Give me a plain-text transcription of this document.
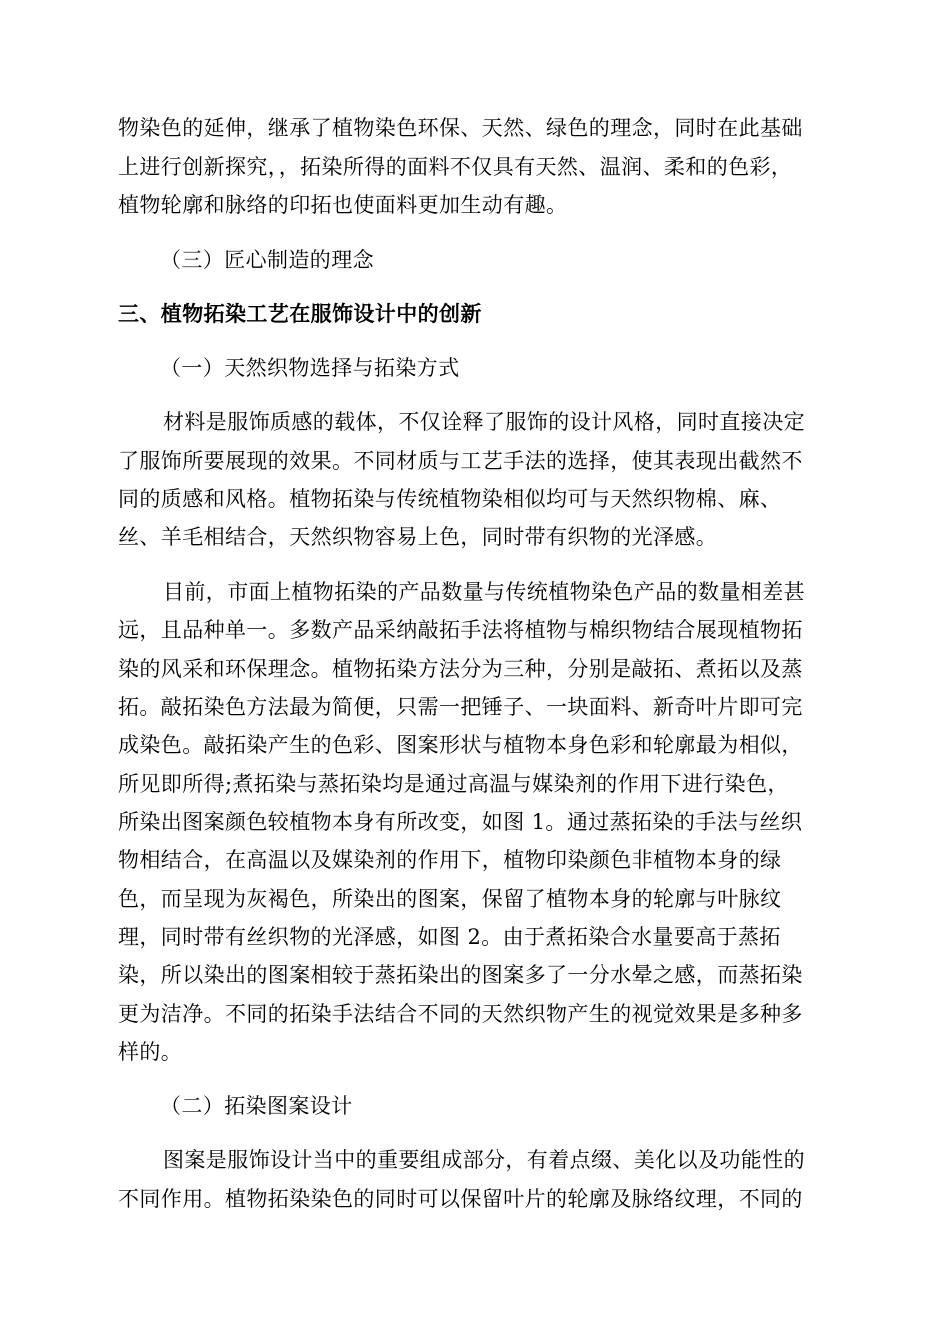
物染色的延伸，继承了植物染色环保、天然、绿色的理念，同时在此基础
上进行创新探究，，拓染所得的面料不仅具有天然、温润、柔和的色彩，
植物轮廓和脉络的印拓也使面料更加生动有趣。
（三）匠心制造的理念
三、植物拓染工艺在服饰设计中的创新
（一）天然织物选择与拓染方式
材料是服饰质感的载体，不仅诠释了服饰的设计风格，同时直接决定
了服饰所要展现的效果。不同材质与工艺手法的选择，使其表现出截然不
同的质感和风格。植物拓染与传统植物染相似均可与天然织物棉、麻、
丝、羊毛相结合，天然织物容易上色，同时带有织物的光泽感。
目前，市面上植物拓染的产品数量与传统植物染色产品的数量相差甚
远，且品种单一。多数产品采纳敲拓手法将植物与棉织物结合展现植物拓
染的风采和环保理念。植物拓染方法分为三种，分别是敲拓、煮拓以及蒸
拓。敲拓染色方法最为简便，只需一把锤子、一块面料、新奇叶片即可完
成染色。敲拓染产生的色彩、图案形状与植物本身色彩和轮廓最为相似，
所见即所得;煮拓染与蒸拓染均是通过高温与媒染剂的作用下进行染色，
所染出图案颜色较植物本身有所改变，如图 1。通过蒸拓染的手法与丝织
物相结合，在高温以及媒染剂的作用下，植物印染颜色非植物本身的绿
色，而呈现为灰褐色，所染出的图案，保留了植物本身的轮廓与叶脉纹
理，同时带有丝织物的光泽感，如图 2。由于煮拓染合水量要高于蒸拓
染，所以染出的图案相较于蒸拓染出的图案多了一分水晕之感，而蒸拓染
更为洁净。不同的拓染手法结合不同的天然织物产生的视觉效果是多种多
样的。
（二）拓染图案设计
图案是服饰设计当中的重要组成部分，有着点缀、美化以及功能性的
不同作用。植物拓染染色的同时可以保留叶片的轮廓及脉络纹理，不同的
